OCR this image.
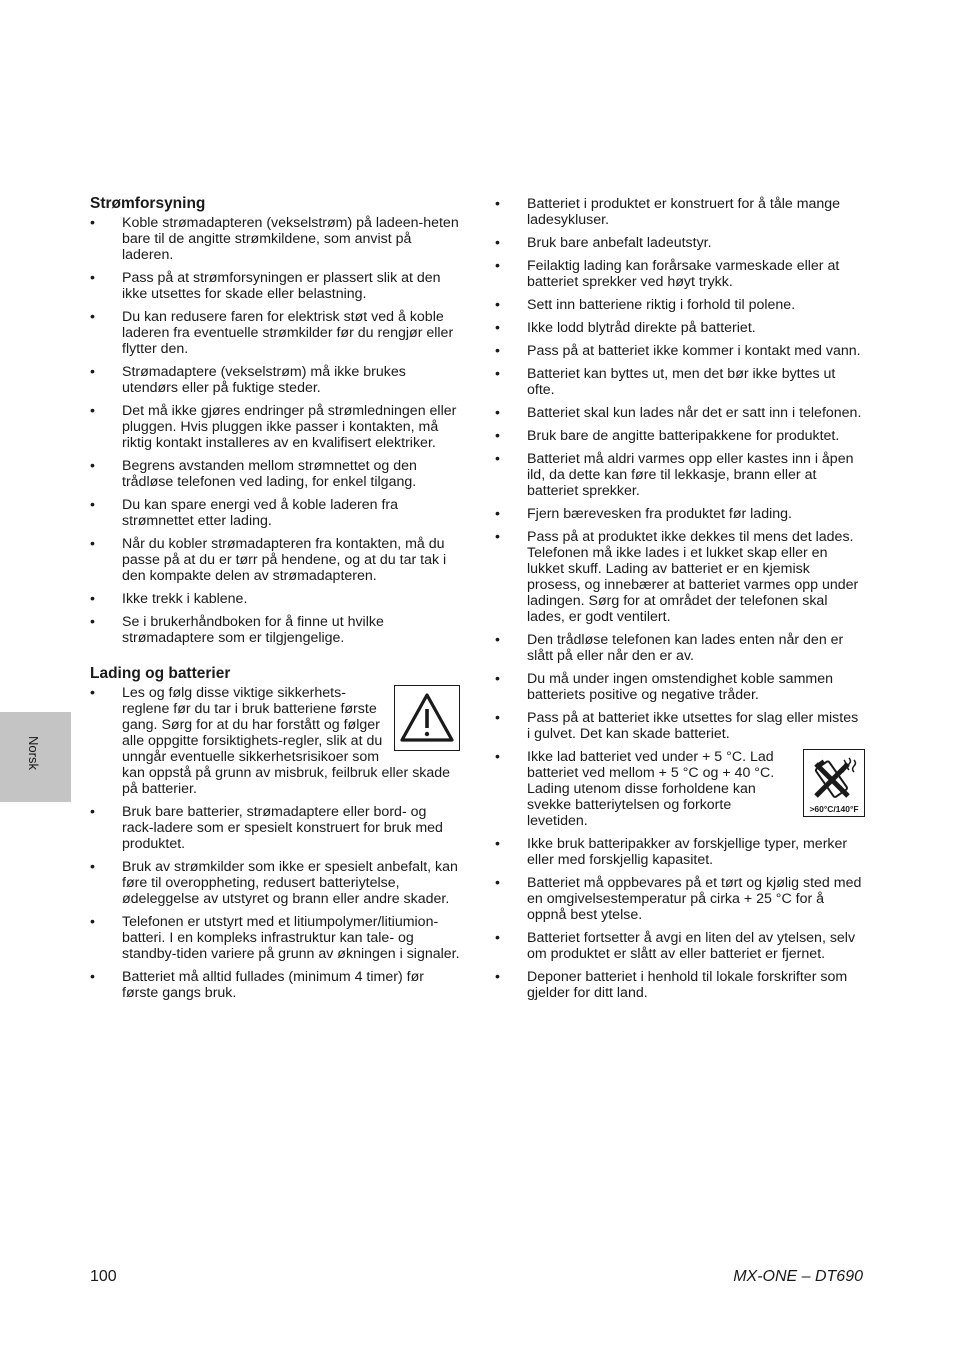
Norsk
Strømforsyning
•	Koble strømadapteren (vekselstrøm) på ladeen-heten bare til de angitte strømkildene, som anvist på laderen.
•	Pass på at strømforsyningen er plassert slik at den ikke utsettes for skade eller belastning.
•	Du kan redusere faren for elektrisk støt ved å koble laderen fra eventuelle strømkilder før du rengjør eller flytter den.
•	Strømadaptere (vekselstrøm) må ikke brukes utendørs eller på fuktige steder.
•	Det må ikke gjøres endringer på strømledningen eller pluggen. Hvis pluggen ikke passer i kontakten, må riktig kontakt installeres av en kvalifisert elektriker.
•	Begrens avstanden mellom strømnettet og den trådløse telefonen ved lading, for enkel tilgang.
•	Du kan spare energi ved å koble laderen fra strømnettet etter lading.
•	Når du kobler strømadapteren fra kontakten, må du passe på at du er tørr på hendene, og at du tar tak i den kompakte delen av strømadapteren.
•	Ikke trekk i kablene.
•	Se i brukerhåndboken for å finne ut hvilke strømadaptere som er tilgjengelige.
Lading og batterier
•	Les og følg disse viktige sikkerhets-reglene før du tar i bruk batteriene første gang. Sørg for at du har forstått og følger alle oppgitte forsiktighets-regler, slik at du unngår eventuelle sikkerhetsrisikoer som kan oppstå på grunn av misbruk, feilbruk eller skade på batterier.
•	Bruk bare batterier, strømadaptere eller bord- og rack-ladere som er spesielt konstruert for bruk med produktet.
•	Bruk av strømkilder som ikke er spesielt anbefalt, kan føre til overoppheting, redusert batteriytelse, ødeleggelse av utstyret og brann eller andre skader.
•	Telefonen er utstyrt med et litiumpolymer/litiumion-batteri. I en kompleks infrastruktur kan tale- og standby-tiden variere på grunn av økningen i signaler.
•	Batteriet må alltid fullades (minimum 4 timer) før første gangs bruk.
•	Batteriet i produktet er konstruert for å tåle mange ladesykluser.
•	Bruk bare anbefalt ladeutstyr.
•	Feilaktig lading kan forårsake varmeskade eller at batteriet sprekker ved høyt trykk.
•	Sett inn batteriene riktig i forhold til polene.
•	Ikke lodd blytråd direkte på batteriet.
•	Pass på at batteriet ikke kommer i kontakt med vann.
•	Batteriet kan byttes ut, men det bør ikke byttes ut ofte.
•	Batteriet skal kun lades når det er satt inn i telefonen.
•	Bruk bare de angitte batteripakkene for produktet.
•	Batteriet må aldri varmes opp eller kastes inn i åpen ild, da dette kan føre til lekkasje, brann eller at batteriet sprekker.
•	Fjern bærevesken fra produktet før lading.
•	Pass på at produktet ikke dekkes til mens det lades. Telefonen må ikke lades i et lukket skap eller en lukket skuff. Lading av batteriet er en kjemisk prosess, og innebærer at batteriet varmes opp under ladingen. Sørg for at området der telefonen skal lades, er godt ventilert.
•	Den trådløse telefonen kan lades enten når den er slått på eller når den er av.
•	Du må under ingen omstendighet koble sammen batteriets positive og negative tråder.
•	Pass på at batteriet ikke utsettes for slag eller mistes i gulvet. Det kan skade batteriet.
•
>60°C/140°F
Ikke lad batteriet ved under + 5 °C. Lad batteriet ved mellom + 5 °C og + 40 °C. Lading utenom disse forholdene kan svekke batteriytelsen og forkorte levetiden.
•	Ikke bruk batteripakker av forskjellige typer, merker eller med forskjellig kapasitet.
•	Batteriet må oppbevares på et tørt og kjølig sted med en omgivelsestemperatur på cirka + 25 °C for å oppnå best ytelse.
•	Batteriet fortsetter å avgi en liten del av ytelsen, selv om produktet er slått av eller batteriet er fjernet.
•	Deponer batteriet i henhold til lokale forskrifter som gjelder for ditt land.
100	MX-ONE – DT690
